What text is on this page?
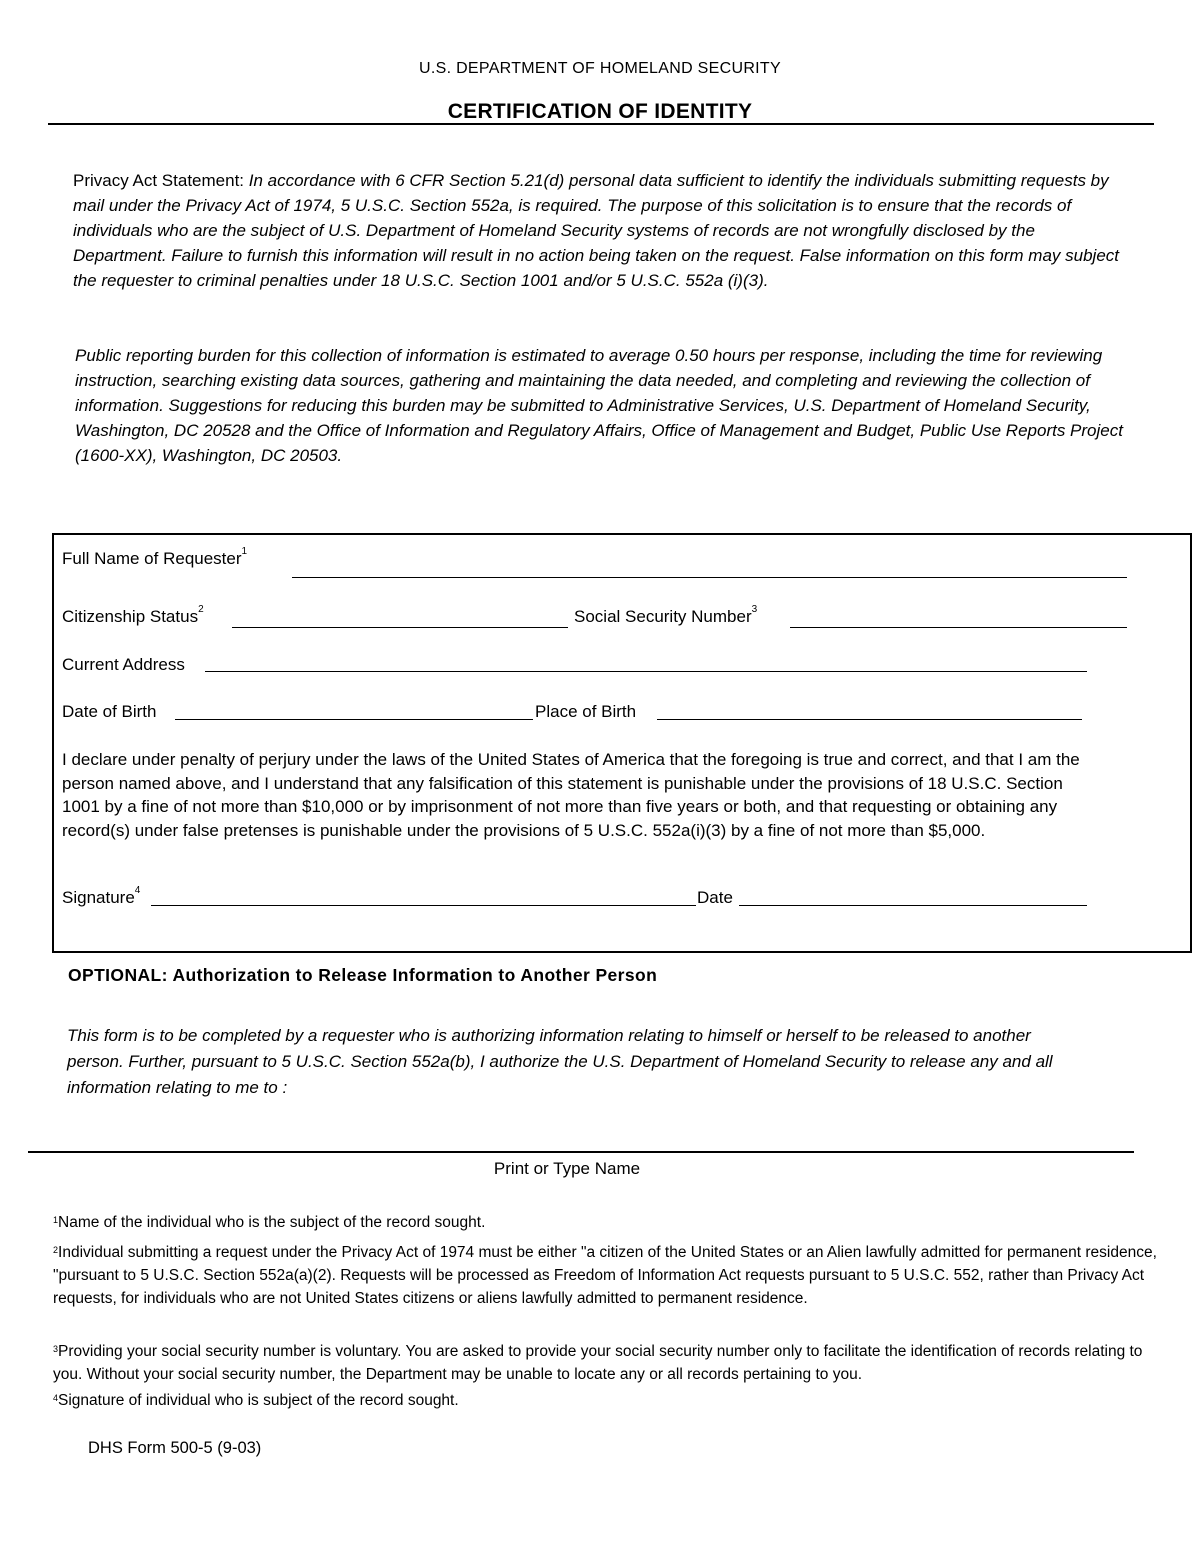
U.S. DEPARTMENT OF HOMELAND SECURITY
CERTIFICATION OF IDENTITY
Privacy Act Statement: In accordance with 6 CFR Section 5.21(d) personal data sufficient to identify the individuals submitting requests by mail under the Privacy Act of 1974, 5 U.S.C. Section 552a, is required. The purpose of this solicitation is to ensure that the records of individuals who are the subject of U.S. Department of Homeland Security systems of records are not wrongfully disclosed by the Department. Failure to furnish this information will result in no action being taken on the request. False information on this form may subject the requester to criminal penalties under 18 U.S.C. Section 1001 and/or 5 U.S.C. 552a (i)(3).
Public reporting burden for this collection of information is estimated to average 0.50 hours per response, including the time for reviewing instruction, searching existing data sources, gathering and maintaining the data needed, and completing and reviewing the collection of information. Suggestions for reducing this burden may be submitted to Administrative Services, U.S. Department of Homeland Security, Washington, DC 20528 and the Office of Information and Regulatory Affairs, Office of Management and Budget, Public Use Reports Project (1600-XX), Washington, DC 20503.
Full Name of Requester$^1$
Citizenship Status$^2$	Social Security Number$^3$
Current Address
Date of Birth	Place of Birth
I declare under penalty of perjury under the laws of the United States of America that the foregoing is true and correct, and that I am the person named above, and I understand that any falsification of this statement is punishable under the provisions of 18 U.S.C. Section 1001 by a fine of not more than $10,000 or by imprisonment of not more than five years or both, and that requesting or obtaining any record(s) under false pretenses is punishable under the provisions of 5 U.S.C. 552a(i)(3) by a fine of not more than $5,000.
Signature$^4$	Date
OPTIONAL: Authorization to Release Information to Another Person
This form is to be completed by a requester who is authorizing information relating to himself or herself to be released to another person. Further, pursuant to 5 U.S.C. Section 552a(b), I authorize the U.S. Department of Homeland Security to release any and all information relating to me to :
Print or Type Name
$^1$Name of the individual who is the subject of the record sought.
$^2$Individual submitting a request under the Privacy Act of 1974 must be either "a citizen of the United States or an Alien lawfully admitted for permanent residence, "pursuant to 5 U.S.C. Section 552a(a)(2). Requests will be processed as Freedom of Information Act requests pursuant to 5 U.S.C. 552, rather than Privacy Act requests, for individuals who are not United States citizens or aliens lawfully admitted to permanent residence.
$^3$Providing your social security number is voluntary. You are asked to provide your social security number only to facilitate the identification of records relating to you. Without your social security number, the Department may be unable to locate any or all records pertaining to you.
$^4$Signature of individual who is subject of the record sought.
DHS Form 500-5 (9-03)
